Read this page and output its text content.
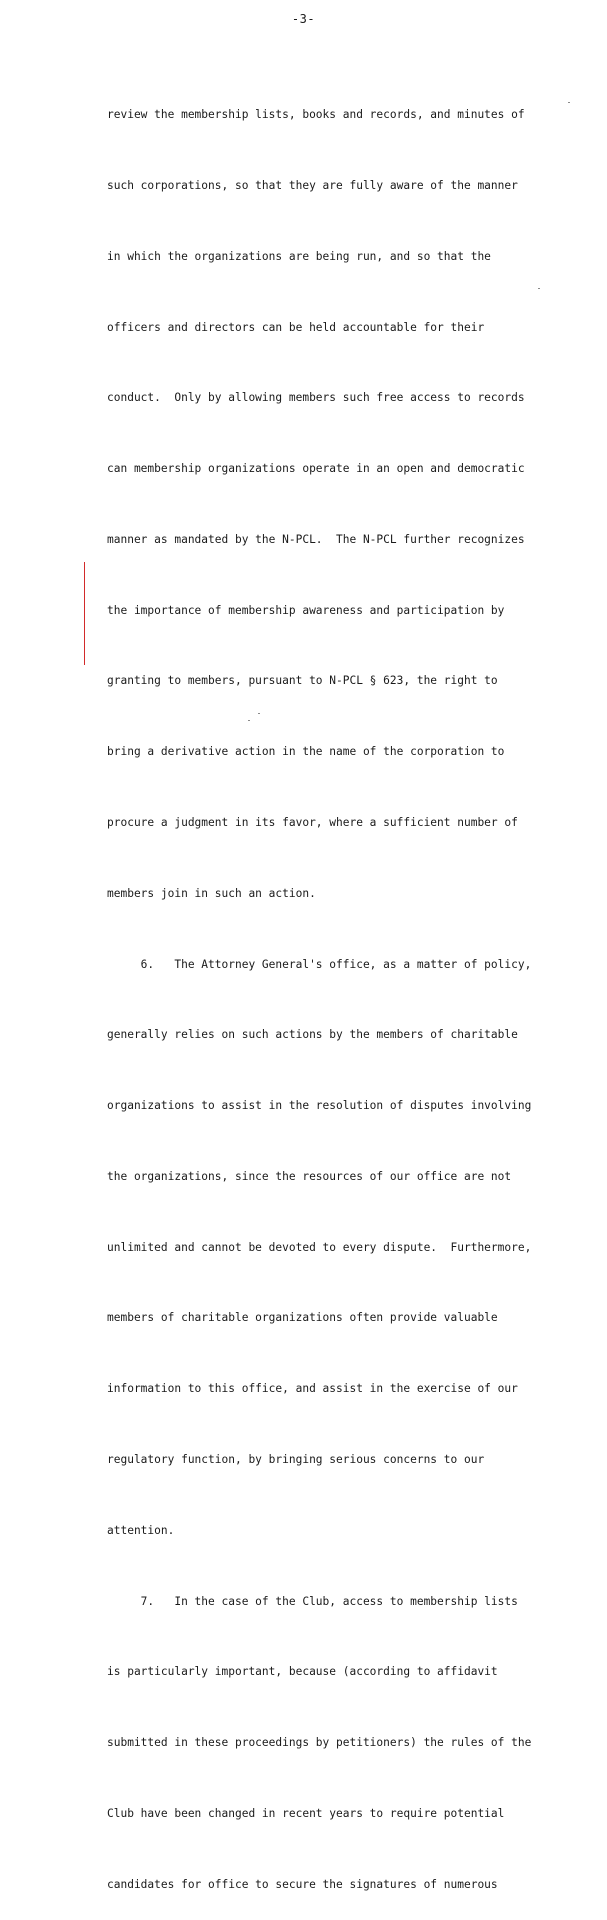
-3-

review the membership lists, books and records, and minutes of

such corporations, so that they are fully aware of the manner

in which the organizations are being run, and so that the

officers and directors can be held accountable for their

conduct.  Only by allowing members such free access to records

can membership organizations operate in an open and democratic

manner as mandated by the N-PCL.  The N-PCL further recognizes

the importance of membership awareness and participation by

granting to members, pursuant to N-PCL § 623, the right to

bring a derivative action in the name of the corporation to

procure a judgment in its favor, where a sufficient number of

members join in such an action.

6.   The Attorney General's office, as a matter of policy,

generally relies on such actions by the members of charitable

organizations to assist in the resolution of disputes involving

the organizations, since the resources of our office are not

unlimited and cannot be devoted to every dispute.  Furthermore,

members of charitable organizations often provide valuable

information to this office, and assist in the exercise of our

regulatory function, by bringing serious concerns to our

attention.

7.   In the case of the Club, access to membership lists

is particularly important, because (according to affidavit

submitted in these proceedings by petitioners) the rules of the

Club have been changed in recent years to require potential

candidates for office to secure the signatures of numerous
